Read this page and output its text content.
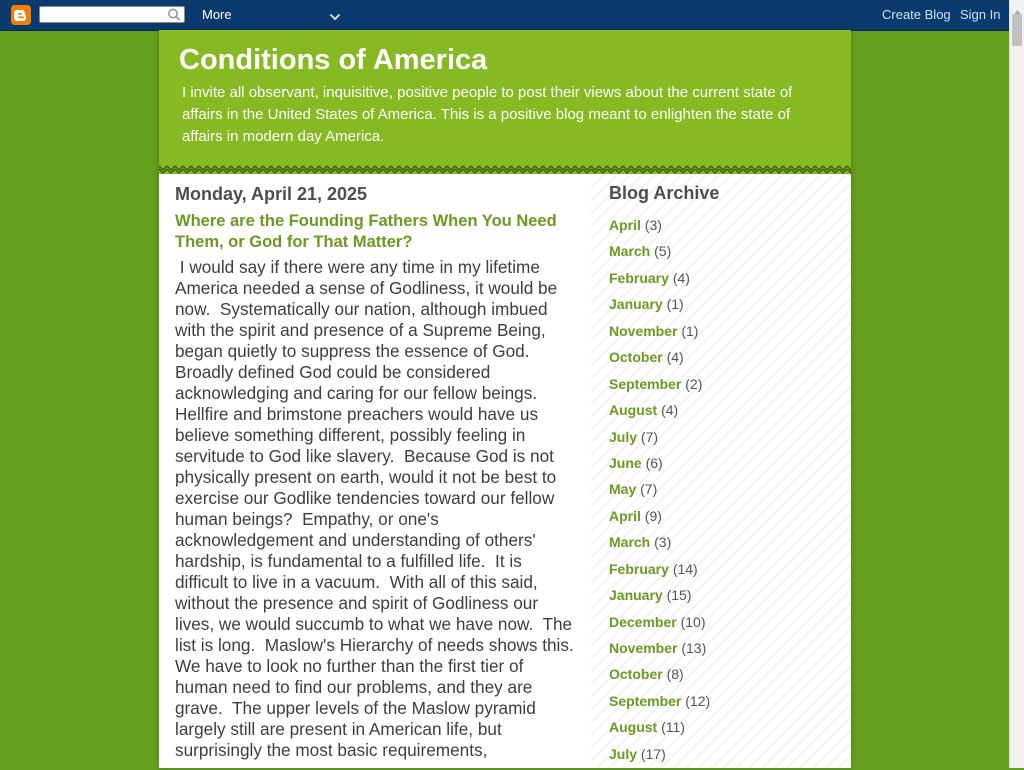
More	Create Blog Sign In
Conditions of America
I invite all observant, inquisitive, positive people to post their views about the current state of affairs in the United States of America. This is a positive blog meant to enlighten the state of affairs in modern day America.
Monday, April 21, 2025
Where are the Founding Fathers When You Need Them, or God for That Matter?
I would say if there were any time in my lifetime America needed a sense of Godliness, it would be now.  Systematically our nation, although imbued with the spirit and presence of a Supreme Being, began quietly to suppress the essence of God.  Broadly defined God could be considered acknowledging and caring for our fellow beings.  Hellfire and brimstone preachers would have us believe something different, possibly feeling in servitude to God like slavery.  Because God is not physically present on earth, would it not be best to exercise our Godlike tendencies toward our fellow human beings?  Empathy, or one's acknowledgement and understanding of others' hardship, is fundamental to a fulfilled life.  It is difficult to live in a vacuum.  With all of this said, without the presence and spirit of Godliness our lives, we would succumb to what we have now.  The list is long.  Maslow's Hierarchy of needs shows this.  We have to look no further than the first tier of human need to find our problems, and they are grave.  The upper levels of the Maslow pyramid largely still are present in American life, but surprisingly the most basic requirements,
Blog Archive
April (3)
March (5)
February (4)
January (1)
November (1)
October (4)
September (2)
August (4)
July (7)
June (6)
May (7)
April (9)
March (3)
February (14)
January (15)
December (10)
November (13)
October (8)
September (12)
August (11)
July (17)
